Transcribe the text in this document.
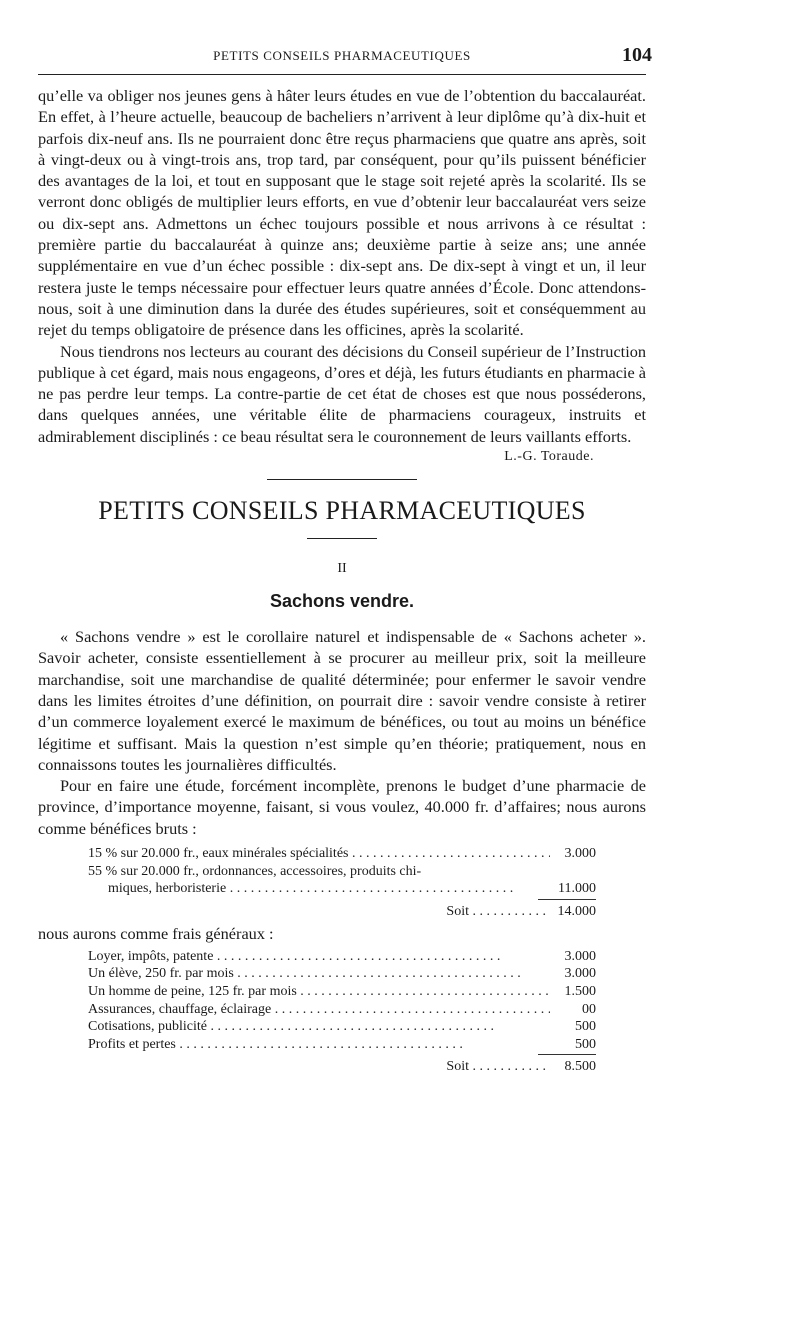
PETITS CONSEILS PHARMACEUTIQUES	104

qu’elle va obliger nos jeunes gens à hâter leurs études en vue de l’obtention du baccalauréat. En effet, à l’heure actuelle, beaucoup de bacheliers n’arrivent à leur diplôme qu’à dix-huit et parfois dix-neuf ans. Ils ne pourraient donc être reçus pharmaciens que quatre ans après, soit à vingt-deux ou à vingt-trois ans, trop tard, par conséquent, pour qu’ils puissent bénéficier des avantages de la loi, et tout en supposant que le stage soit rejeté après la scolarité. Ils se verront donc obligés de multiplier leurs efforts, en vue d’obtenir leur baccalauréat vers seize ou dix-sept ans. Admettons un échec toujours possible et nous arrivons à ce résultat : première partie du baccalauréat à quinze ans; deuxième partie à seize ans; une année supplémentaire en vue d’un échec possible : dix-sept ans. De dix-sept à vingt et un, il leur restera juste le temps nécessaire pour effectuer leurs quatre années d’École. Donc attendons-nous, soit à une diminution dans la durée des études supérieures, soit et conséquemment au rejet du temps obligatoire de présence dans les officines, après la scolarité.

Nous tiendrons nos lecteurs au courant des décisions du Conseil supérieur de l’Instruction publique à cet égard, mais nous engageons, d’ores et déjà, les futurs étudiants en pharmacie à ne pas perdre leur temps. La contre-partie de cet état de choses est que nous posséderons, dans quelques années, une véritable élite de pharmaciens courageux, instruits et admirablement disciplinés : ce beau résultat sera le couronnement de leurs vaillants efforts.

L.-G. Toraude.
PETITS CONSEILS PHARMACEUTIQUES
II
Sachons vendre.

« Sachons vendre » est le corollaire naturel et indispensable de « Sachons acheter ». Savoir acheter, consiste essentiellement à se procurer au meilleur prix, soit la meilleure marchandise, soit une marchandise de qualité déterminée; pour enfermer le savoir vendre dans les limites étroites d’une définition, on pourrait dire : savoir vendre consiste à retirer d’un commerce loyalement exercé le maximum de bénéfices, ou tout au moins un bénéfice légitime et suffisant. Mais la question n’est simple qu’en théorie; pratiquement, nous en connaissons toutes les journalières difficultés.

Pour en faire une étude, forcément incomplète, prenons le budget d’une pharmacie de province, d’importance moyenne, faisant, si vous voulez, 40.000 fr. d’affaires; nous aurons comme bénéfices bruts :

15 % sur 20.000 fr., eaux minérales spécialités . . .	3.000
55 % sur 20.000 fr., ordonnances, accessoires, produits chi-
miques, herboristerie . . .	11.000
Soit . . .	14.000
nous aurons comme frais généraux :
Loyer, impôts, patente . . .	3.000
Un élève, 250 fr. par mois . . .	3.000
Un homme de peine, 125 fr. par mois . . .	1.500
Assurances, chauffage, éclairage . . .	00
Cotisations, publicité . . .	500
Profits et pertes . . .	500
Soit . . .	8.500
